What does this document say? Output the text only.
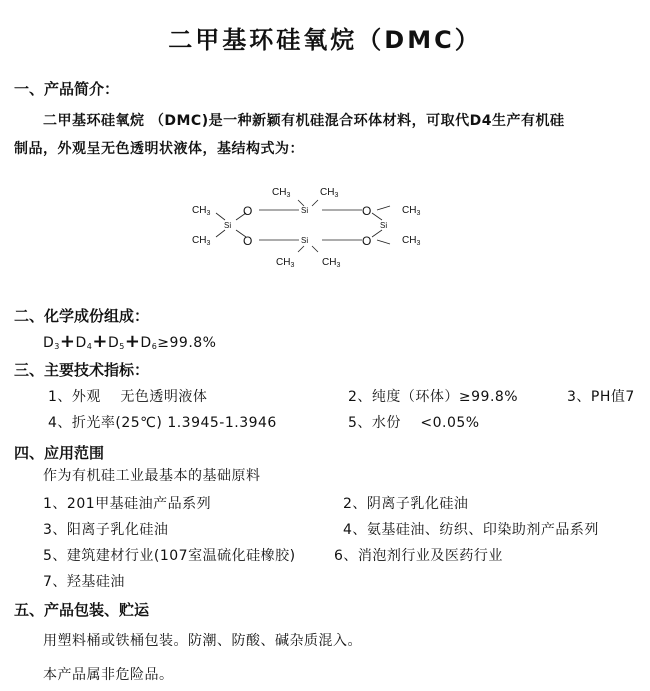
二甲基环硅氧烷（DMC）
一、产品简介：
二甲基环硅氧烷 （DMC)是一种新颖有机硅混合环体材料，可取代D4生产有机硅
制品，外观呈无色透明状液体，基结构式为：
Si
Si
Si
Si
O
O
O
O
$CH_3$
$CH_3$
$CH_3$	$CH_3$
$CH_3$	$CH_3$
$CH_3$
$CH_3$
二、化学成份组成：
$D_3+D_4+D_5+D_6\ge 99.8\%$
三、主要技术指标：
1、外观　 无色透明液体	2、纯度（环体）≥99.8%	3、PH值7
4、折光率(25℃) 1.3945-1.3946	5、水份　 <0.05%
四、应用范围
作为有机硅工业最基本的基础原料
1、201甲基硅油产品系列	2、阴离子乳化硅油
3、阳离子乳化硅油	4、氨基硅油、纺织、印染助剂产品系列
5、建筑建材行业(107室温硫化硅橡胶)	6、消泡剂行业及医药行业
7、羟基硅油
五、产品包装、贮运
用塑料桶或铁桶包装。防潮、防酸、碱杂质混入。
本产品属非危险品。
